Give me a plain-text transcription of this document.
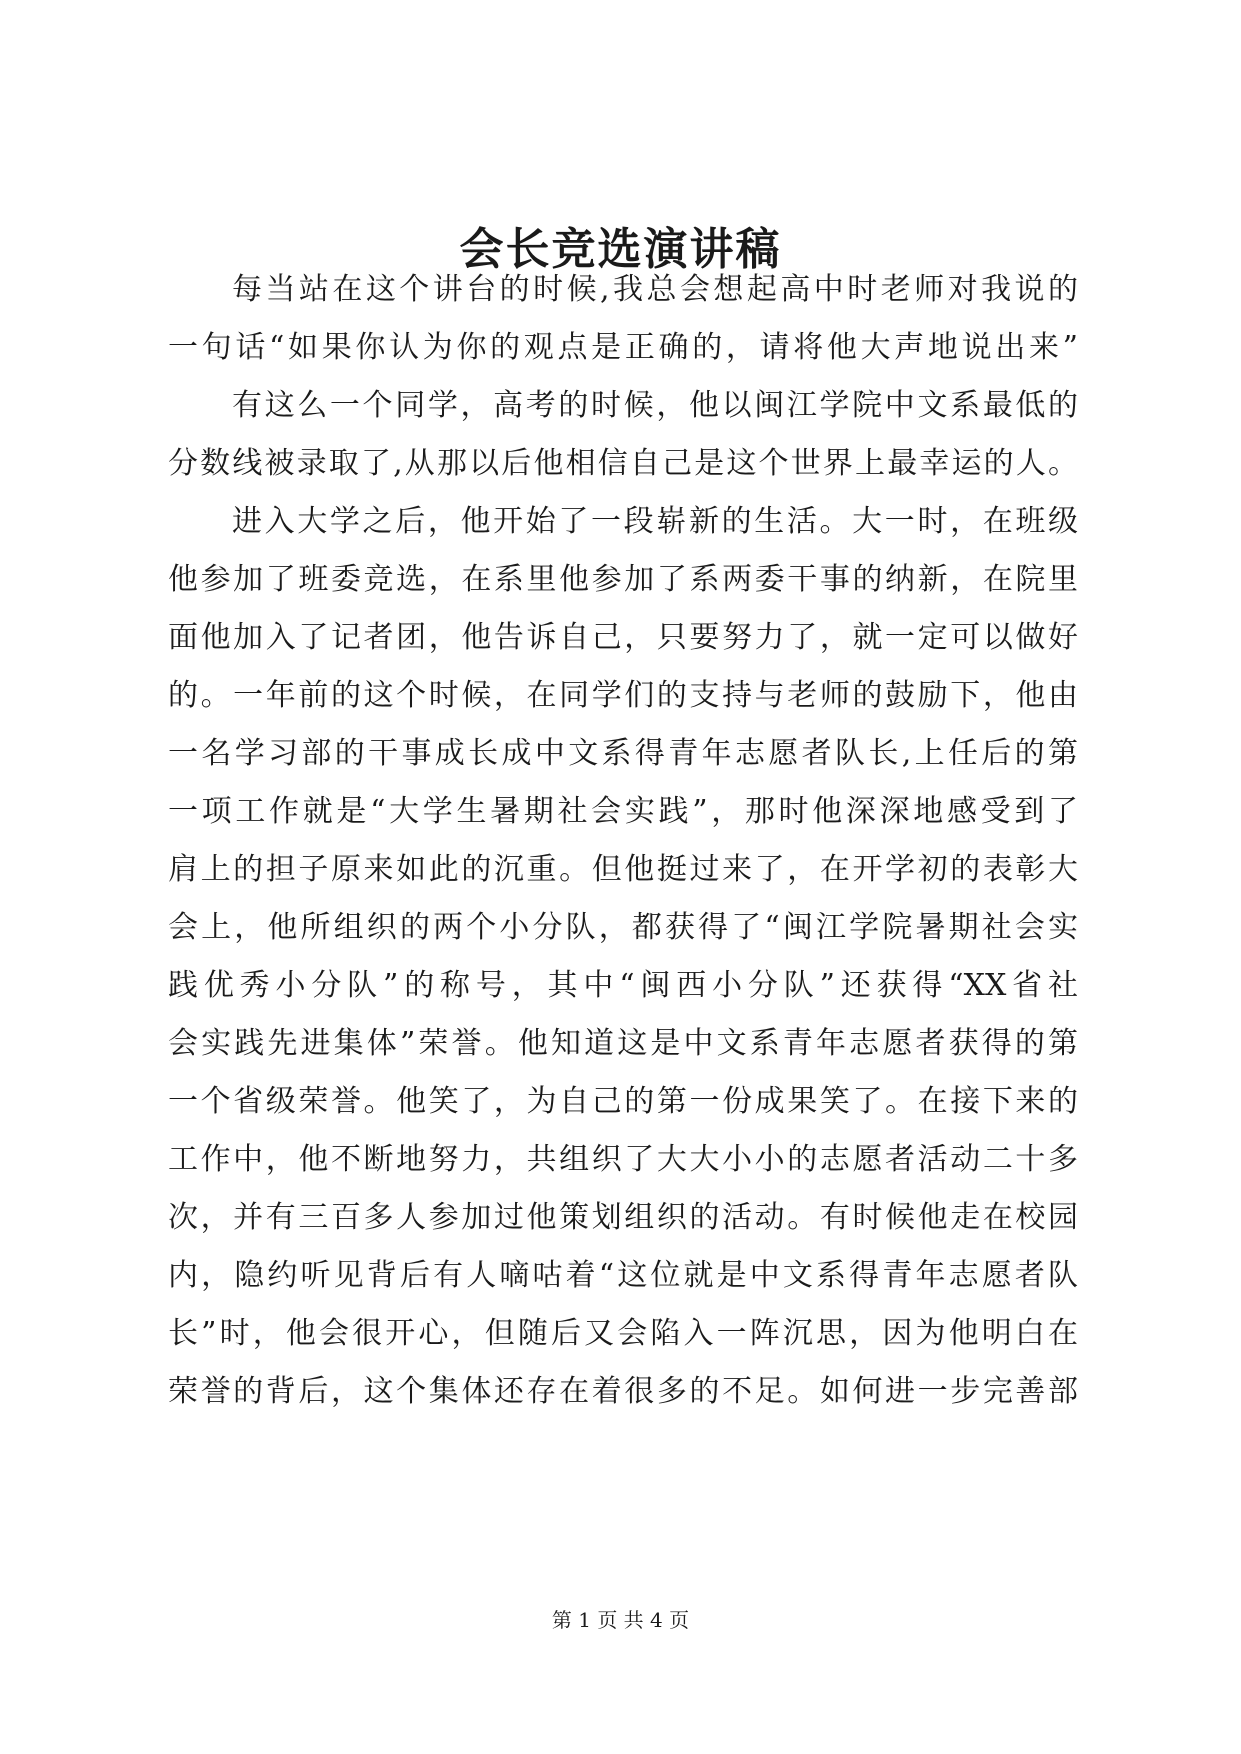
会长竞选演讲稿
每当站在这个讲台的时候,我总会想起高中时老师对我说的
一句话“如果你认为你的观点是正确的，请将他大声地说出来”
有这么一个同学，高考的时候，他以闽江学院中文系最低的
分数线被录取了,从那以后他相信自己是这个世界上最幸运的人。
进入大学之后，他开始了一段崭新的生活。大一时，在班级
他参加了班委竞选，在系里他参加了系两委干事的纳新，在院里
面他加入了记者团，他告诉自己，只要努力了，就一定可以做好
的。一年前的这个时候，在同学们的支持与老师的鼓励下，他由
一名学习部的干事成长成中文系得青年志愿者队长,上任后的第
一项工作就是“大学生暑期社会实践”，那时他深深地感受到了
肩上的担子原来如此的沉重。但他挺过来了，在开学初的表彰大
会上，他所组织的两个小分队，都获得了“闽江学院暑期社会实
践优秀小分队”的称号，其中“闽西小分队”还获得“XX省社
会实践先进集体”荣誉。他知道这是中文系青年志愿者获得的第
一个省级荣誉。他笑了，为自己的第一份成果笑了。在接下来的
工作中，他不断地努力，共组织了大大小小的志愿者活动二十多
次，并有三百多人参加过他策划组织的活动。有时候他走在校园
内，隐约听见背后有人嘀咕着“这位就是中文系得青年志愿者队
长”时，他会很开心，但随后又会陷入一阵沉思，因为他明白在
荣誉的背后，这个集体还存在着很多的不足。如何进一步完善部
第 1 页 共 4 页
